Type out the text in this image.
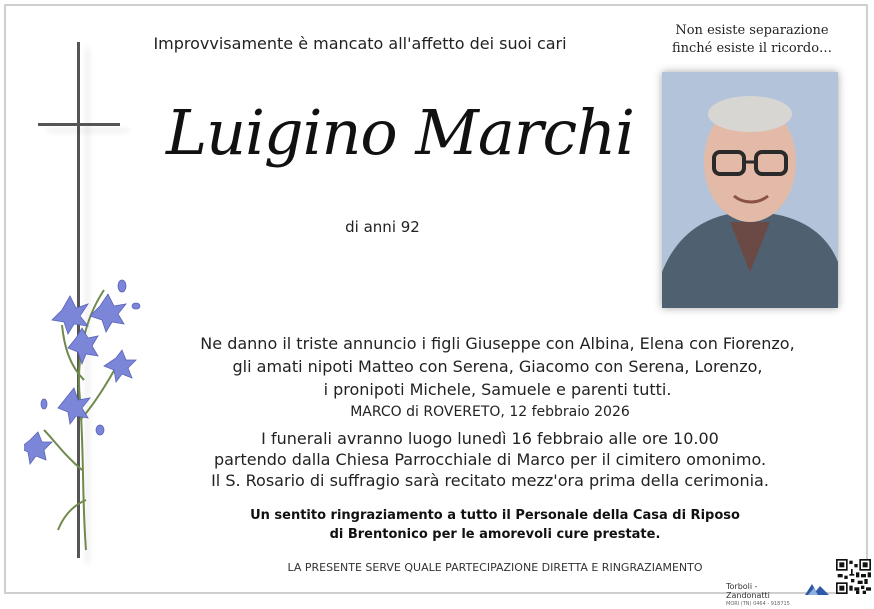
Improvvisamente è mancato all'affetto dei suoi cari
Non esiste separazione
finché esiste il ricordo…
Luigino Marchi
di anni 92
Ne danno il triste annuncio i figli Giuseppe con Albina, Elena con Fiorenzo,
gli amati nipoti Matteo con Serena, Giacomo con Serena, Lorenzo,
i pronipoti Michele, Samuele e parenti tutti.
MARCO di ROVERETO, 12 febbraio 2026
I funerali avranno luogo lunedì 16 febbraio alle ore 10.00
partendo dalla Chiesa Parrocchiale di Marco per il cimitero omonimo.
Il S. Rosario di suffragio sarà recitato mezz'ora prima della cerimonia.
Un sentito ringraziamento a tutto il Personale della Casa di Riposo
di Brentonico per le amorevoli cure prestate.
LA PRESENTE SERVE QUALE PARTECIPAZIONE DIRETTA E RINGRAZIAMENTO
Torboli - Zandonatti
MORI (TN) 0464 - 918715
